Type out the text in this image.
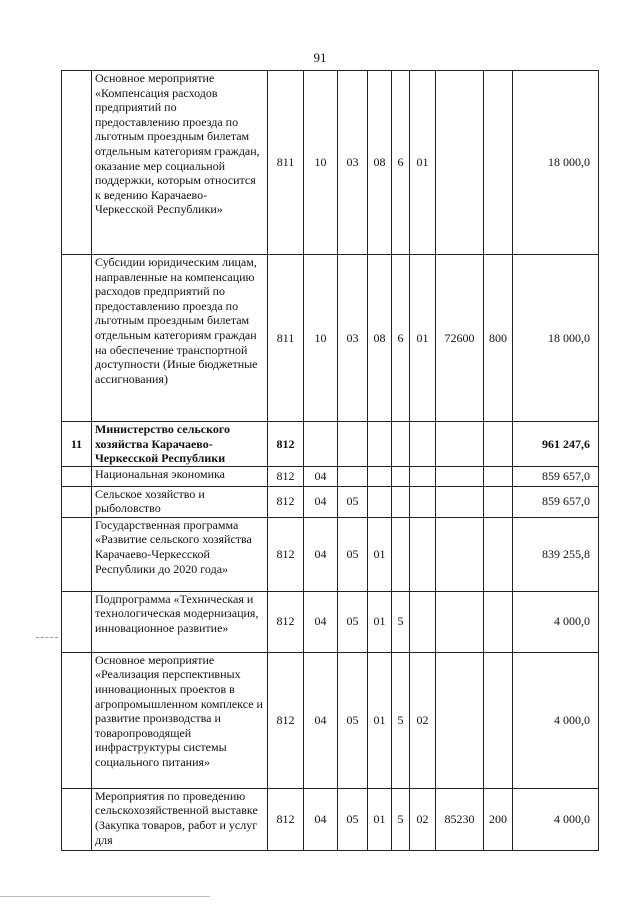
91
	Основное мероприятие «Компенсация расходов предприятий по предоставлению проезда по льготным проездным билетам отдельным категориям граждан, оказание мер социальной поддержки, которым относится к ведению Карачаево-Черкесской Республики»	811	10	03	08	6	01			18 000,0
	Субсидии юридическим лицам, направленные на компенсацию расходов предприятий по предоставлению проезда по льготным проездным билетам отдельным категориям граждан на обеспечение транспортной доступности (Иные бюджетные ассигнования)	811	10	03	08	6	01	72600	800	18 000,0
11	Министерство сельского хозяйства Карачаево-Черкесской Республики	812								961 247,6
	Национальная экономика	812	04							859 657,0
	Сельское хозяйство и рыболовство	812	04	05						859 657,0
	Государственная программа «Развитие сельского хозяйства Карачаево-Черкесской Республики до 2020 года»	812	04	05	01					839 255,8
	Подпрограмма «Техническая и технологическая модернизация, инновационное развитие»	812	04	05	01	5				4 000,0
	Основное мероприятие «Реализация перспективных инновационных проектов в агропромышленном комплексе и развитие производства и товаропроводящей инфраструктуры системы социального питания»	812	04	05	01	5	02			4 000,0
	Мероприятия по проведению сельскохозяйственной выставке (Закупка товаров, работ и услуг для	812	04	05	01	5	02	85230	200	4 000,0
